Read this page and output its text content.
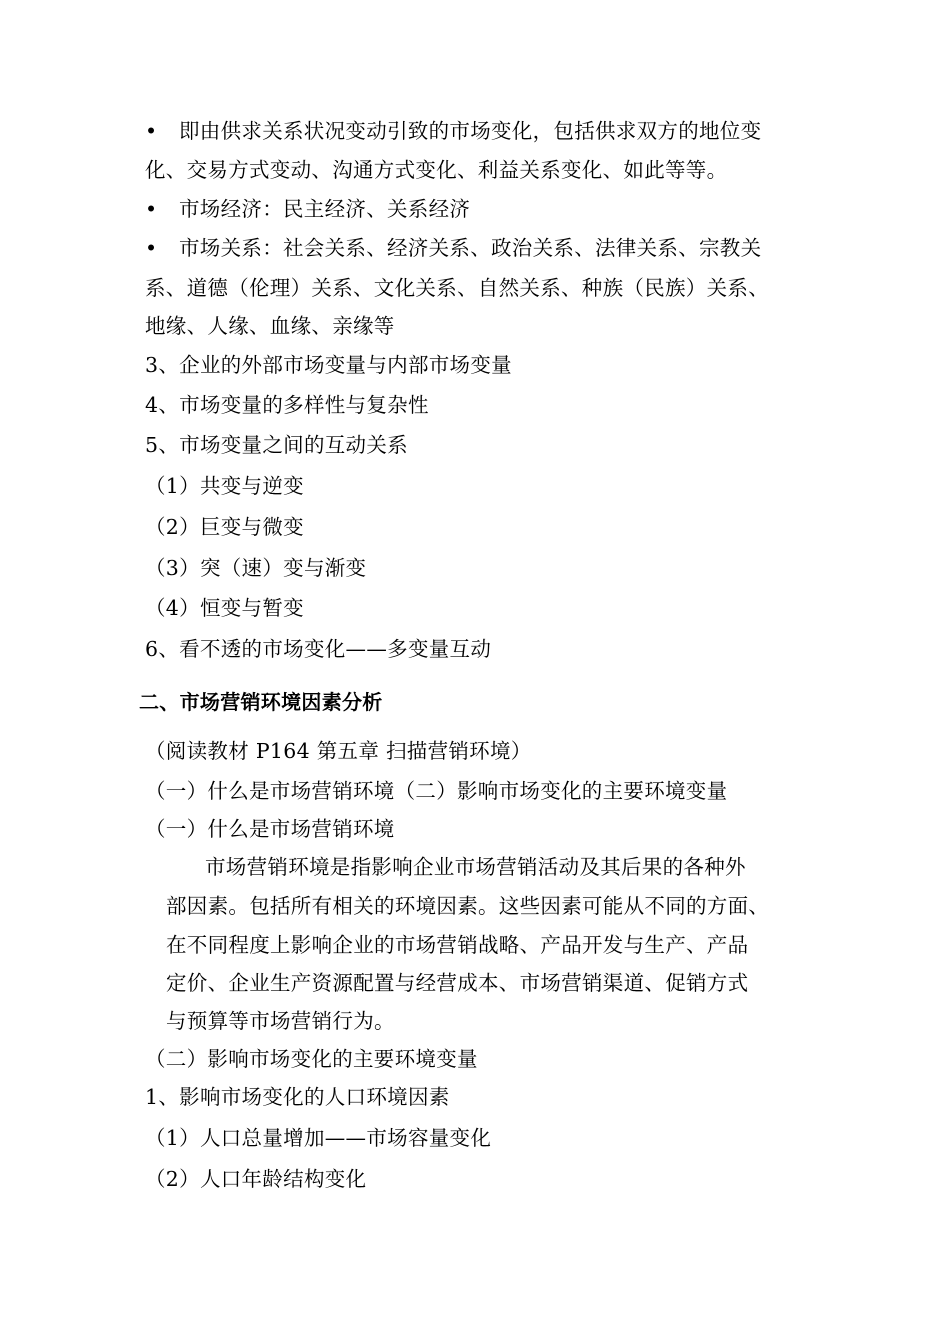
• 即由供求关系状况变动引致的市场变化，包括供求双方的地位变
化、交易方式变动、沟通方式变化、利益关系变化、如此等等。
• 市场经济：民主经济、关系经济
• 市场关系：社会关系、经济关系、政治关系、法律关系、宗教关
系、道德（伦理）关系、文化关系、自然关系、种族（民族）关系、
地缘、人缘、血缘、亲缘等
3、企业的外部市场变量与内部市场变量
4、市场变量的多样性与复杂性
5、市场变量之间的互动关系
（1）共变与逆变
（2）巨变与微变
（3）突（速）变与渐变
（4）恒变与暂变
6、看不透的市场变化——多变量互动
二、市场营销环境因素分析
（阅读教材 P164 第五章 扫描营销环境）
（一）什么是市场营销环境（二）影响市场变化的主要环境变量
（一）什么是市场营销环境
市场营销环境是指影响企业市场营销活动及其后果的各种外
部因素。包括所有相关的环境因素。这些因素可能从不同的方面、
在不同程度上影响企业的市场营销战略、产品开发与生产、产品
定价、企业生产资源配置与经营成本、市场营销渠道、促销方式
与预算等市场营销行为。
（二）影响市场变化的主要环境变量
1、影响市场变化的人口环境因素
（1）人口总量增加——市场容量变化
（2）人口年龄结构变化
